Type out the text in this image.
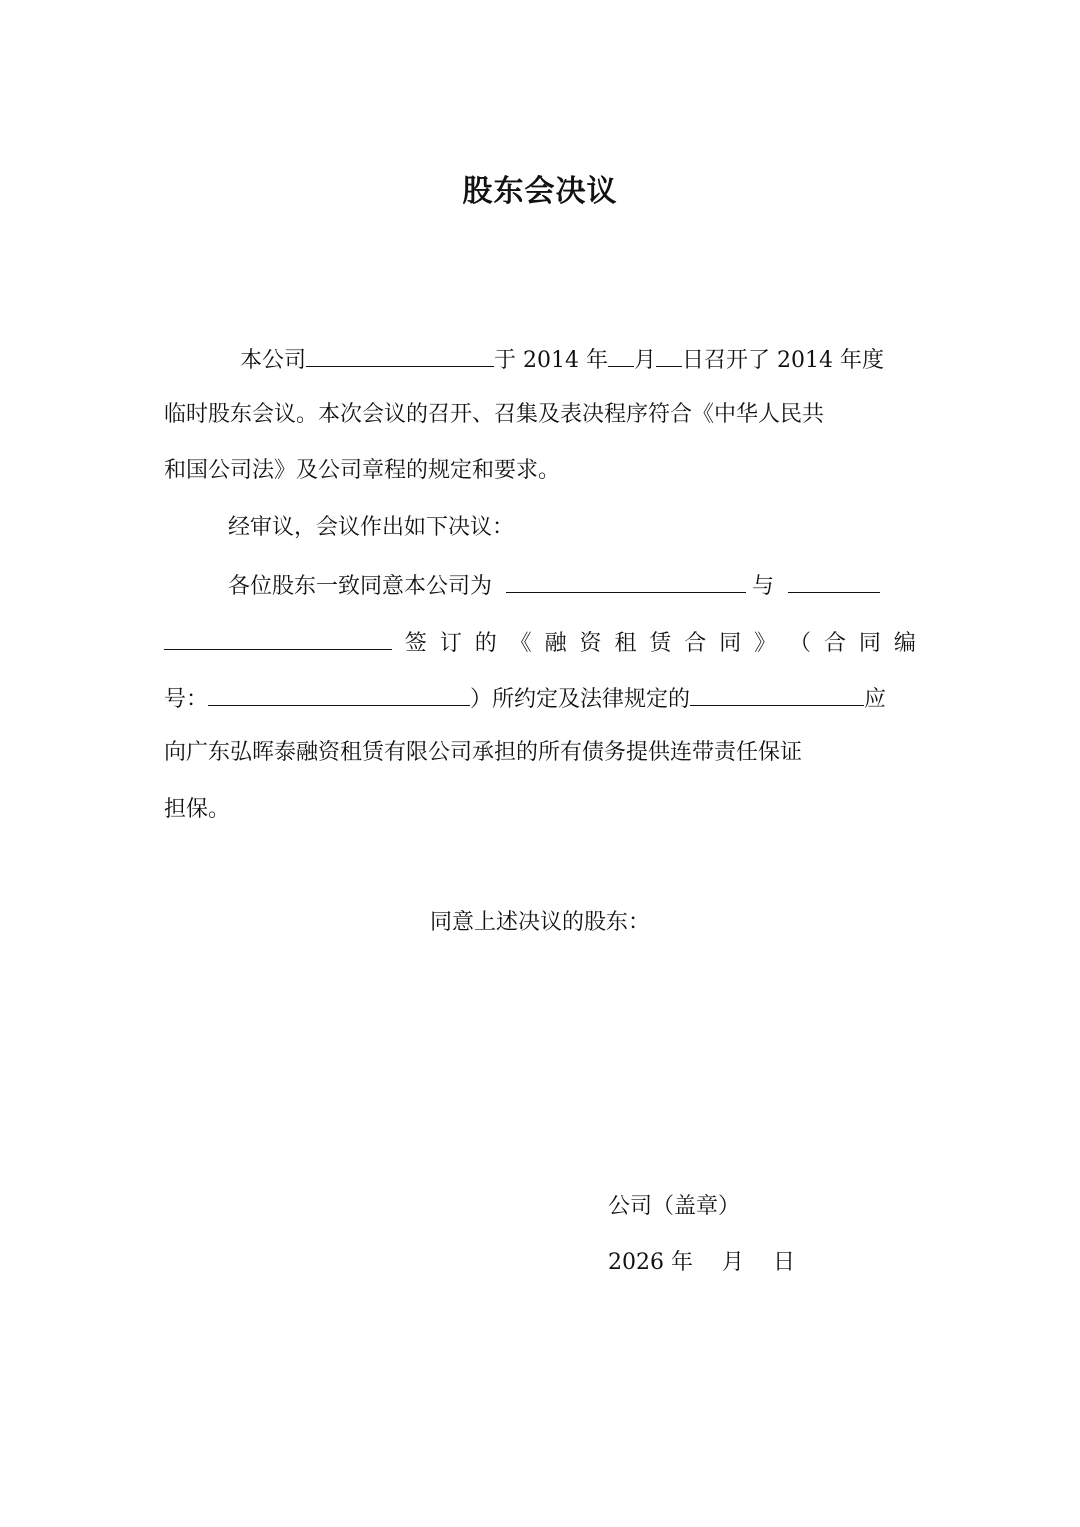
股东会决议
本公司	于 2014 年 月 日召开了 2014 年度
临时股东会议。本次会议的召开、召集及表决程序符合《中华人民共
和国公司法》及公司章程的规定和要求。
经审议，会议作出如下决议：
各位股东一致同意本公司为	与
签 订 的 《 融 资 租 赁 合 同 》 （ 合 同 编
号：	）所约定及法律规定的	应
向广东弘晖泰融资租赁有限公司承担的所有债务提供连带责任保证
担保。
同意上述决议的股东：
公司（盖章）
2026 年　 月　 日
